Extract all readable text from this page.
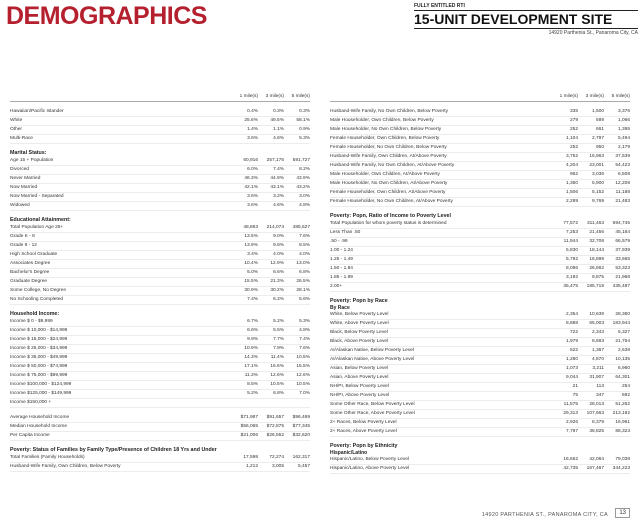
DEMOGRAPHICS	FULLY ENTITLED RTI
15-UNIT DEVELOPMENT SITE
14920 Parthenia St., Panaroma City, CA
1 mile(s)	3 mile(s)	5 mile(s)
Hawaiian/Pacific Islander	0.4%	0.3%	0.3%
White	25.6%	49.5%	58.1%
Other	1.4%	1.1%	0.9%
Multi-Race	3.6%	4.6%	5.3%
Marital Status:
Age 15 + Population	60,916	257,176	591,727
Divorced	6.0%	7.4%	8.2%
Never Married	46.3%	44.9%	43.9%
Now Married	42.1%	43.1%	43.2%
Now Married - Separated	3.6%	3.2%	3.0%
Widowed	3.6%	4.6%	4.8%
Educational Attainment:
Total Population Age 25+	48,863	214,074	485,627
Grade K - 8	13.5%	9.0%	7.6%
Grade 9 - 12	13.9%	9.6%	8.5%
High School Graduate	3.4%	4.0%	4.0%
Associates Degree	10.4%	12.9%	13.0%
Bachelor's Degree	5.0%	6.6%	6.8%
Graduate Degree	15.5%	21.3%	26.5%
Some College, No Degree	30.9%	30.2%	28.1%
No Schooling Completed	7.4%	6.2%	5.6%
Household Income:
Income $ 0 - $9,999	6.7%	5.2%	5.3%
Income $ 10,000 - $14,999	6.6%	5.5%	4.8%
Income $ 15,000 - $24,999	9.9%	7.7%	7.4%
Income $ 25,000 - $34,999	10.9%	7.9%	7.6%
Income $ 35,000 - $49,999	14.3%	11.4%	10.5%
Income $ 50,000 - $74,999	17.1%	16.6%	15.5%
Income $ 75,000 - $99,999	11.3%	12.6%	12.6%
Income $100,000 - $124,999	8.5%	10.5%	10.5%
Income $125,000 - $149,999	5.2%	6.8%	7.0%
Income $150,000 +
Average Household Income	$71,987	$91,657	$96,469
Median Household Income	$56,065	$72,875	$77,345
Per Capita Income	$21,006	$26,552	$32,620
Poverty: Status of Families by Family Type/Presence of Children 18 Yrs and Under
Total Families (Family Households)	17,598	72,274	162,317
Husband-Wife Family, Own Children, Below Poverty	1,212	3,005	5,457
1 mile(s)	3 mile(s)	5 mile(s)
Husband-Wife Family, No Own Children, Below Poverty	335	1,500	3,376
Male Householder, Own Children, Below Poverty	279	589	1,066
Male Householder, No Own Children, Below Poverty	252	661	1,395
Female Householder, Own Children, Below Poverty	1,104	2,797	5,494
Female Householder, No Own Children, Below Poverty	252	950	2,179
Husband-Wife Family, Own Children, At/Above Poverty	3,752	15,963	37,539
Husband-Wife Family, No Own Children, At/Above Poverty	4,204	23,001	54,423
Male Householder, Own Children, At/Above Poverty	962	3,036	6,508
Male Householder, No Own Children, At/Above Poverty	1,360	5,900	12,208
Female Householder, Own Children, At/Above Poverty	1,506	5,152	11,188
Female Householder, No Own Children, At/Above Poverty	2,289	9,769	21,483
Poverty: Popn, Ratio of Income to Poverty Level
Total Population for whom poverty status is determined	77,572	311,463	694,745
Less Than .50	7,253	21,456	45,184
.50 - .99	11,944	32,708	66,579
1.00 - 1.24	5,830	18,144	37,939
1.25 - 1.49	5,792	16,899	33,665
1.50 - 1.84	8,086	26,662	53,323
1.85 - 1.99	3,192	9,875	21,968
2.00+	35,475	185,719	435,487
Poverty: Popn by Race
By Race
White, Below Poverty Level	2,354	10,639	28,360
White, Above Poverty Level	8,888	65,003	183,944
Black, Below Poverty Level	722	2,343	5,327
Black, Above Poverty Level	1,979	8,683	21,764
AI/Alaskan Native, Below Poverty Level	522	1,367	2,638
AI/Alaskan Native, Above Poverty Level	1,280	4,870	10,135
Asian, Below Poverty Level	1,073	3,211	6,960
Asian, Above Poverty Level	9,044	31,907	64,301
NH/PI, Below Poverty Level	21	113	254
NH/PI, Above Poverty Level	75	347	692
Some Other Race, Below Poverty Level	11,575	28,013	51,262
Some Other Race, Above Poverty Level	29,313	107,663	213,192
2+ Races, Below Poverty Level	2,926	8,379	16,961
2+ Races, Above Poverty Level	7,797	38,825	88,323
Poverty: Popn by Ethnicity
Hispanic/Latino
Hispanic/Latino, Below Poverty Level	16,552	42,064	79,038
Hispanic/Latino, Above Poverty Level	42,735	167,467	344,223
14920 PARTHENIA ST., PANAROMA CITY, CA	13
